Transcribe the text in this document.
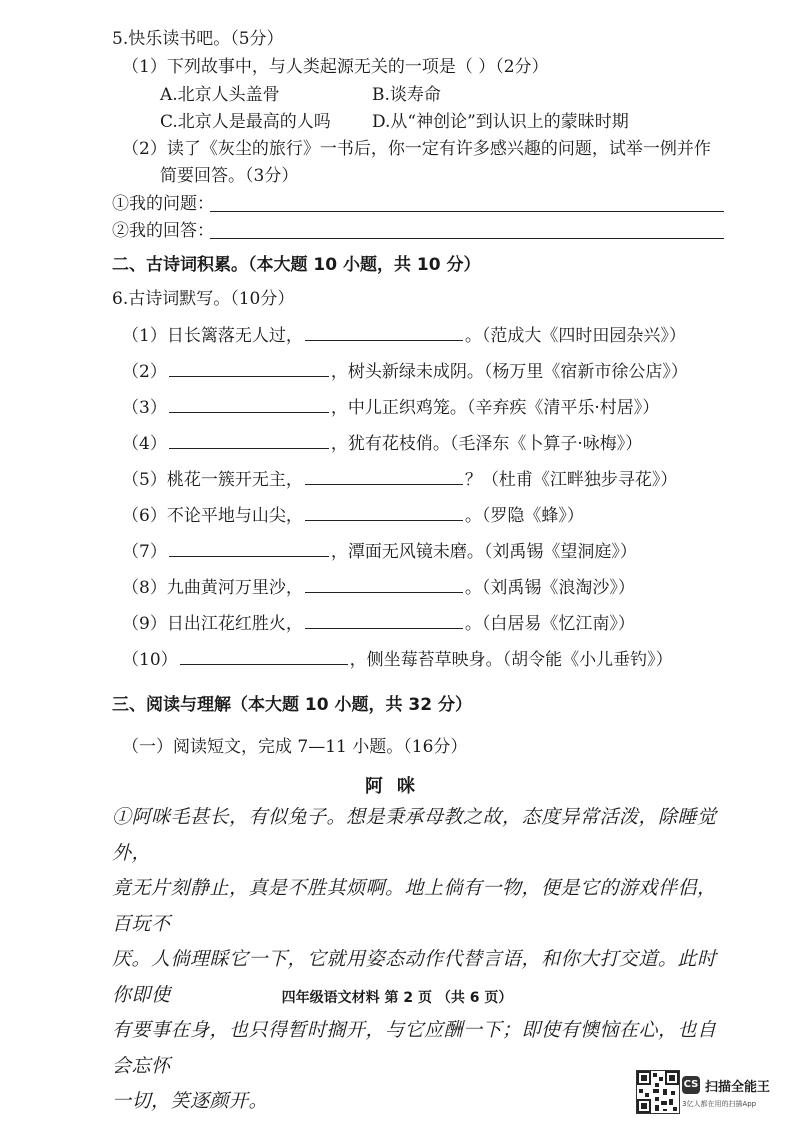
5.快乐读书吧。（5分）
（1）下列故事中，与人类起源无关的一项是（ ）（2分）
A.北京人头盖骨	B.谈寿命
C.北京人是最高的人吗 D.从“神创论”到认识上的蒙昧时期
（2）读了《灰尘的旅行》一书后，你一定有许多感兴趣的问题，试举一例并作
简要回答。（3分）
①我的问题：
②我的回答：
二、古诗词积累。（本大题 10 小题，共 10 分）
6.古诗词默写。（10分）
（1）日长篱落无人过，	。（范成大《四时田园杂兴》）
（2）	，树头新绿未成阴。（杨万里《宿新市徐公店》）
（3）	，中儿正织鸡笼。（辛弃疾《清平乐·村居》）
（4）	，犹有花枝俏。（毛泽东《卜算子·咏梅》）
（5）桃花一簇开无主，	？（杜甫《江畔独步寻花》）
（6）不论平地与山尖，	。（罗隐《蜂》）
（7）	，潭面无风镜未磨。（刘禹锡《望洞庭》）
（8）九曲黄河万里沙，	。（刘禹锡《浪淘沙》）
（9）日出江花红胜火，	。（白居易《忆江南》）
（10）	，侧坐莓苔草映身。（胡令能《小儿垂钓》）
三、阅读与理解（本大题 10 小题，共 32 分）
（一）阅读短文，完成 7—11 小题。（16分）
阿咪
①阿咪毛甚长，有似兔子。想是秉承母教之故，态度异常活泼，除睡觉外，
竟无片刻静止，真是不胜其烦啊。地上倘有一物，便是它的游戏伴侣，百玩不
厌。人倘理睬它一下，它就用姿态动作代替言语，和你大打交道。此时你即使
有要事在身，也只得暂时搁开，与它应酬一下；即使有懊恼在心，也自会忘怀
一切，笑逐颜开。
四年级语文材料 第 2 页 （共 6 页）
CS 扫描全能王
3亿人都在用的扫描App
